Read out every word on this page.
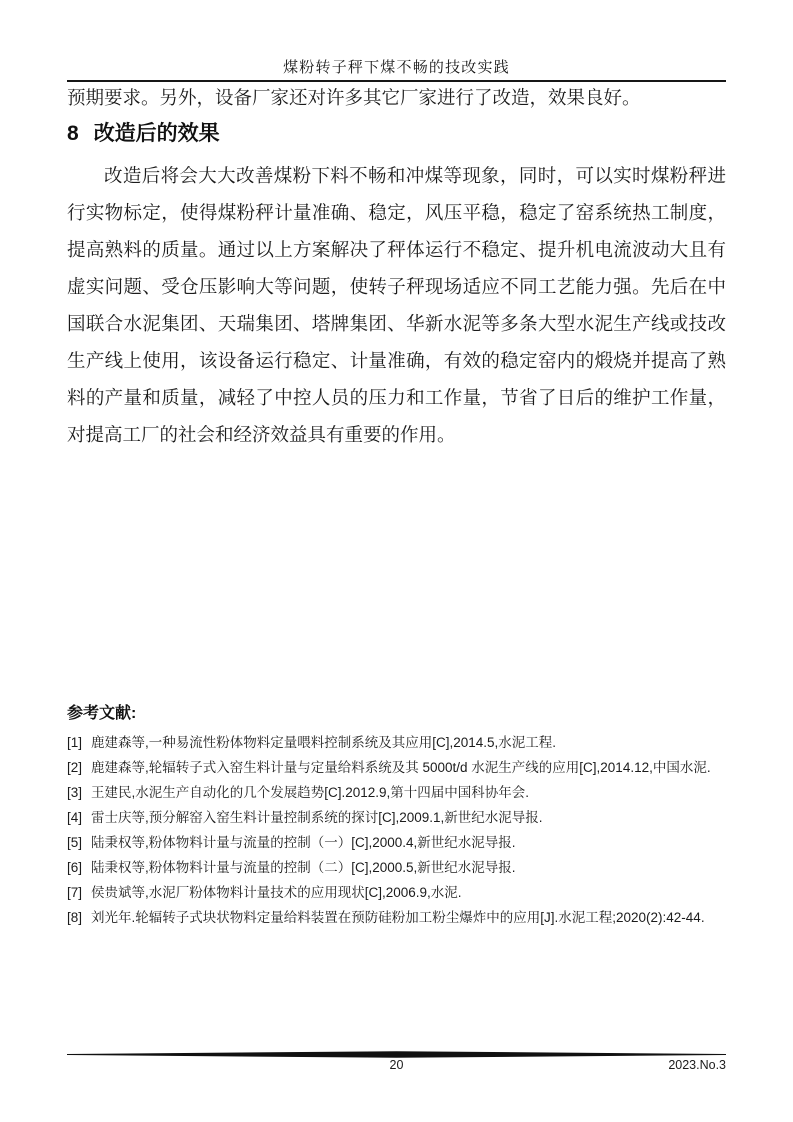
煤粉转子秤下煤不畅的技改实践
预期要求。另外，设备厂家还对许多其它厂家进行了改造，效果良好。
8 改造后的效果
改造后将会大大改善煤粉下料不畅和冲煤等现象，同时，可以实时煤粉秤进
行实物标定，使得煤粉秤计量准确、稳定，风压平稳，稳定了窑系统热工制度，
提高熟料的质量。通过以上方案解决了秤体运行不稳定、提升机电流波动大且有
虚实问题、受仓压影响大等问题，使转子秤现场适应不同工艺能力强。先后在中
国联合水泥集团、天瑞集团、塔牌集团、华新水泥等多条大型水泥生产线或技改
生产线上使用，该设备运行稳定、计量准确，有效的稳定窑内的煅烧并提高了熟
料的产量和质量，减轻了中控人员的压力和工作量，节省了日后的维护工作量，
对提高工厂的社会和经济效益具有重要的作用。
参考文献:
[1] 鹿建森等,一种易流性粉体物料定量喂料控制系统及其应用[C],2014.5,水泥工程.
[2] 鹿建森等,轮辐转子式入窑生料计量与定量给料系统及其 5000t/d 水泥生产线的应用[C],2014.12,中国水泥.
[3] 王建民,水泥生产自动化的几个发展趋势[C].2012.9,第十四届中国科协年会.
[4] 雷士庆等,预分解窑入窑生料计量控制系统的探讨[C],2009.1,新世纪水泥导报.
[5] 陆秉权等,粉体物料计量与流量的控制（一）[C],2000.4,新世纪水泥导报.
[6] 陆秉权等,粉体物料计量与流量的控制（二）[C],2000.5,新世纪水泥导报.
[7] 侯贵斌等,水泥厂粉体物料计量技术的应用现状[C],2006.9,水泥.
[8] 刘光年.轮辐转子式块状物料定量给料装置在预防硅粉加工粉尘爆炸中的应用[J].水泥工程;2020(2):42-44.
20	2023.No.3
